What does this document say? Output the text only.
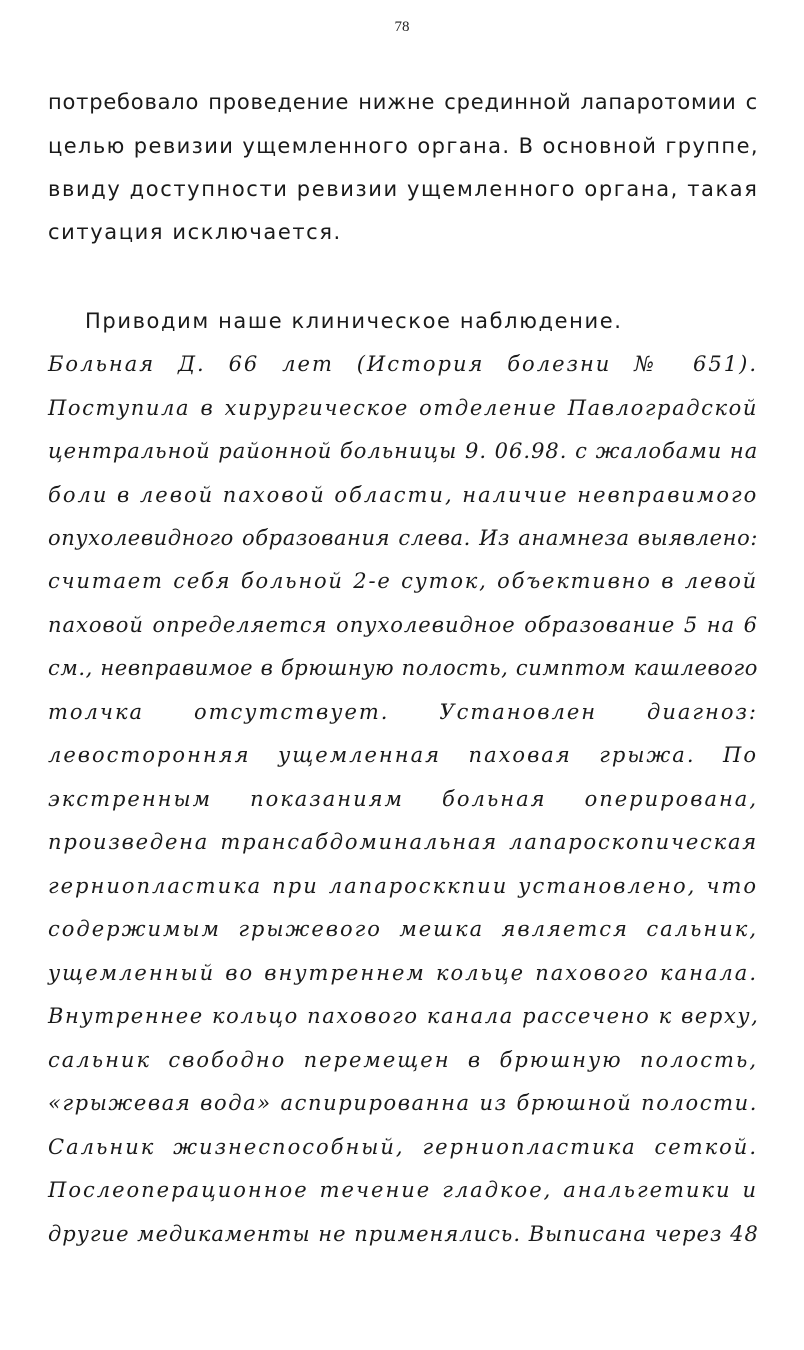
78
потребовало проведение нижне срединной лапаротомии с
целью ревизии ущемленного органа. В основной группе,
ввиду доступности ревизии ущемленного органа, такая
ситуация исключается.
Приводим наше клиническое наблюдение.
Больная Д. 66 лет (История болезни № 651).
Поступила в хирургическое отделение Павлоградской
центральной районной больницы 9. 06.98. с жалобами на
боли в левой паховой области, наличие невправимого
опухолевидного образования слева. Из анамнеза выявлено:
считает себя больной 2-е суток, объективно в левой
паховой определяется опухолевидное образование 5 на 6
см., невправимое в брюшную полость, симптом кашлевого
толчка отсутствует. Установлен диагноз:
левосторонняя ущемленная паховая грыжа. По
экстренным показаниям больная оперирована,
произведена трансабдоминальная лапароскопическая
герниопластика при лапаросккпии установлено, что
содержимым грыжевого мешка является сальник,
ущемленный во внутреннем кольце пахового канала.
Внутреннее кольцо пахового канала рассечено к верху,
сальник свободно перемещен в брюшную полость,
«грыжевая вода» аспирированна из брюшной полости.
Сальник жизнеспособный, герниопластика сеткой.
Послеоперационное течение гладкое, анальгетики и
другие медикаменты не применялись. Выписана через 48
